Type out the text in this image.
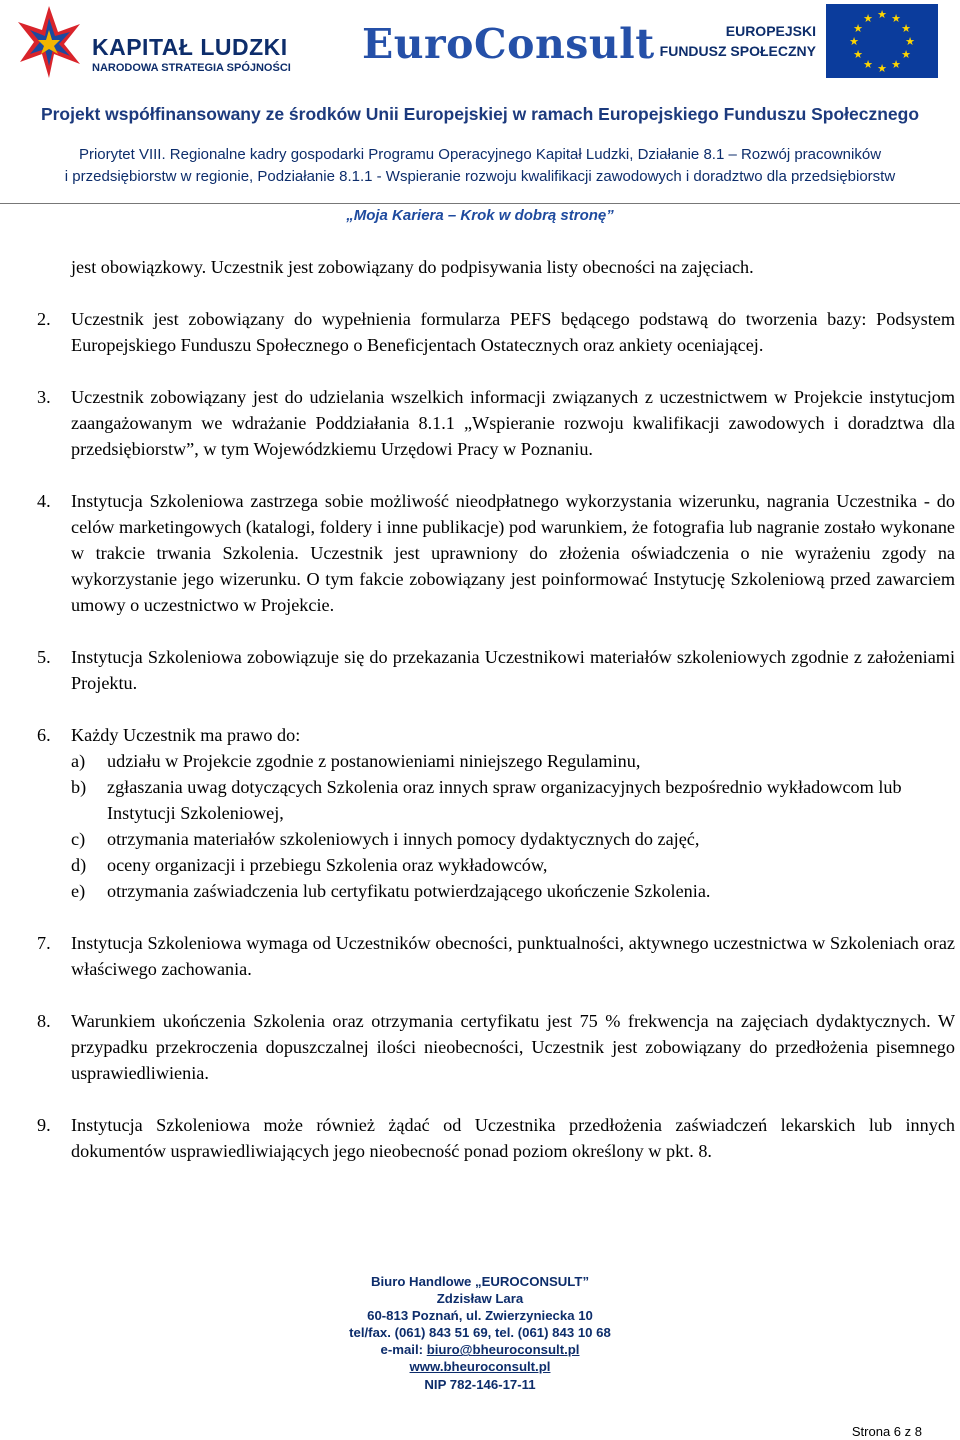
KAPITAŁ LUDZKI
NARODOWA STRATEGIA SPÓJNOŚCI EuroConsult	EUROPEJSKI
FUNDUSZ SPOŁECZNY
★ ★
★
★
★
★
★
★
★
★
★
★
Projekt współfinansowany ze środków Unii Europejskiej w ramach Europejskiego Funduszu Społecznego
Priorytet VIII. Regionalne kadry gospodarki Programu Operacyjnego Kapitał Ludzki, Działanie 8.1 – Rozwój pracowników
i przedsiębiorstw w regionie, Podziałanie 8.1.1 - Wspieranie rozwoju kwalifikacji zawodowych i doradztwo dla przedsiębiorstw
„Moja Kariera – Krok w dobrą stronę”

jest obowiązkowy. Uczestnik jest zobowiązany do podpisywania listy obecności na zajęciach.

2. Uczestnik jest zobowiązany do wypełnienia formularza PEFS będącego podstawą do tworzenia bazy: Podsystem Europejskiego Funduszu Społecznego o Beneficjentach Ostatecznych oraz ankiety oceniającej.
3. Uczestnik zobowiązany jest do udzielania wszelkich informacji związanych z uczestnictwem w Projekcie instytucjom zaangażowanym we wdrażanie Poddziałania 8.1.1 „Wspieranie rozwoju kwalifikacji zawodowych i doradztwa dla przedsiębiorstw”, w tym Wojewódzkiemu Urzędowi Pracy w Poznaniu.
4. Instytucja Szkoleniowa zastrzega sobie możliwość nieodpłatnego wykorzystania wizerunku, nagrania Uczestnika - do celów marketingowych (katalogi, foldery i inne publikacje) pod warunkiem, że fotografia lub nagranie zostało wykonane w trakcie trwania Szkolenia. Uczestnik jest uprawniony do złożenia oświadczenia o nie wyrażeniu zgody na wykorzystanie jego wizerunku. O tym fakcie zobowiązany jest poinformować Instytucję Szkoleniową przed zawarciem umowy o uczestnictwo w Projekcie.
5. Instytucja Szkoleniowa zobowiązuje się do przekazania Uczestnikowi materiałów szkoleniowych zgodnie z założeniami Projektu.
6. Każdy Uczestnik ma prawo do:
a) udziału w Projekcie zgodnie z postanowieniami niniejszego Regulaminu,
b) zgłaszania uwag dotyczących Szkolenia oraz innych spraw organizacyjnych bezpośrednio wykładowcom lub Instytucji Szkoleniowej,
c) otrzymania materiałów szkoleniowych i innych pomocy dydaktycznych do zajęć,
d) oceny organizacji i przebiegu Szkolenia oraz wykładowców,
e) otrzymania zaświadczenia lub certyfikatu potwierdzającego ukończenie Szkolenia.
7. Instytucja Szkoleniowa wymaga od Uczestników obecności, punktualności, aktywnego uczestnictwa w Szkoleniach oraz właściwego zachowania.
8. Warunkiem ukończenia Szkolenia oraz otrzymania certyfikatu jest 75 % frekwencja na zajęciach dydaktycznych. W przypadku przekroczenia dopuszczalnej ilości nieobecności, Uczestnik jest zobowiązany do przedłożenia pisemnego usprawiedliwienia.
9. Instytucja Szkoleniowa może również żądać od Uczestnika przedłożenia zaświadczeń lekarskich lub innych dokumentów usprawiedliwiających jego nieobecność ponad poziom określony w pkt. 8.
Biuro Handlowe „EUROCONSULT”
Zdzisław Lara
60-813 Poznań, ul. Zwierzyniecka 10
tel/fax. (061) 843 51 69, tel. (061) 843 10 68
e-mail: biuro@bheuroconsult.pl
www.bheuroconsult.pl
NIP 782-146-17-11
Strona 6 z 8
